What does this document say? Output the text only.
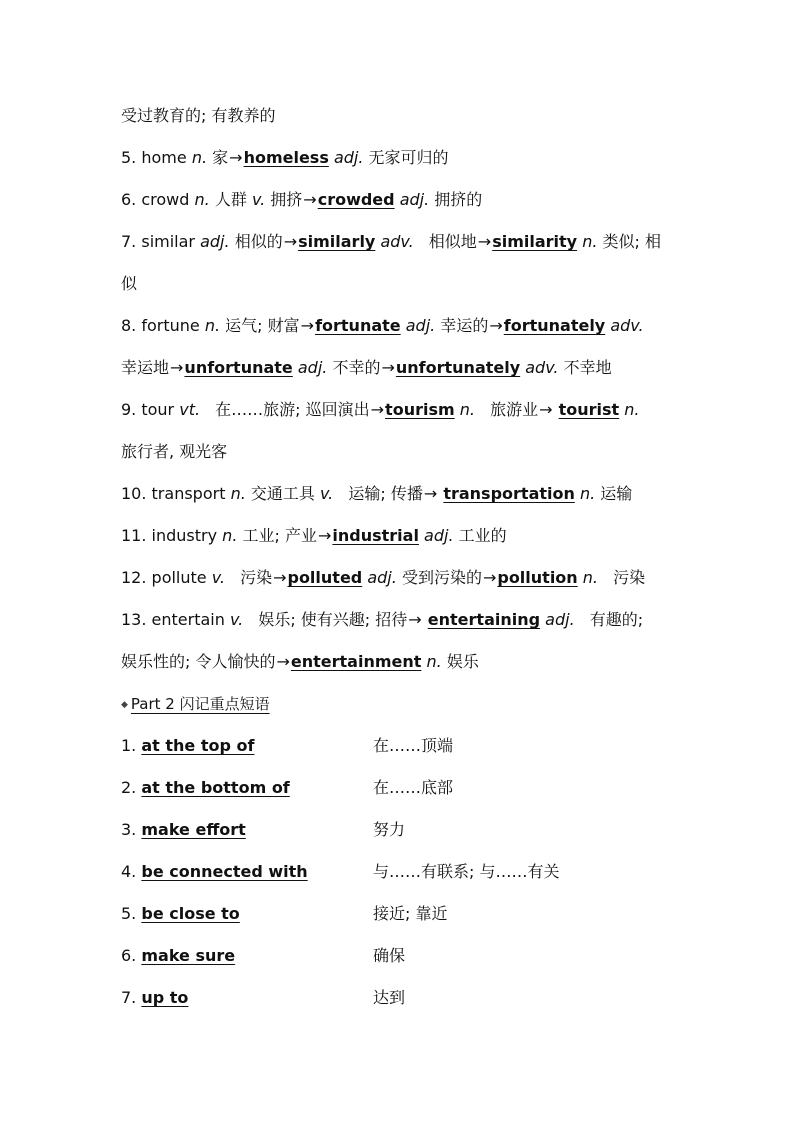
受过教育的; 有教养的
5. home n. 家→homeless adj. 无家可归的
6. crowd n. 人群 v. 拥挤→crowded adj. 拥挤的
7. similar adj. 相似的→similarly adv. 相似地→similarity n. 类似; 相
似
8. fortune n. 运气; 财富→fortunate adj. 幸运的→fortunately adv.
幸运地→unfortunate adj. 不幸的→unfortunately adv. 不幸地
9. tour vt. 在……旅游; 巡回演出→tourism n. 旅游业→ tourist n.
旅行者, 观光客
10. transport n. 交通工具 v. 运输; 传播→ transportation n. 运输
11. industry n. 工业; 产业→industrial adj. 工业的
12. pollute v. 污染→polluted adj. 受到污染的→pollution n. 污染
13. entertain v. 娱乐; 使有兴趣; 招待→ entertaining adj. 有趣的;
娱乐性的; 令人愉快的→entertainment n. 娱乐
◆ Part 2 闪记重点短语
1. at the top of	在……顶端
2. at the bottom of	在……底部
3. make effort	努力
4. be connected with	与……有联系; 与……有关
5. be close to	接近; 靠近
6. make sure	确保
7. up to	达到
